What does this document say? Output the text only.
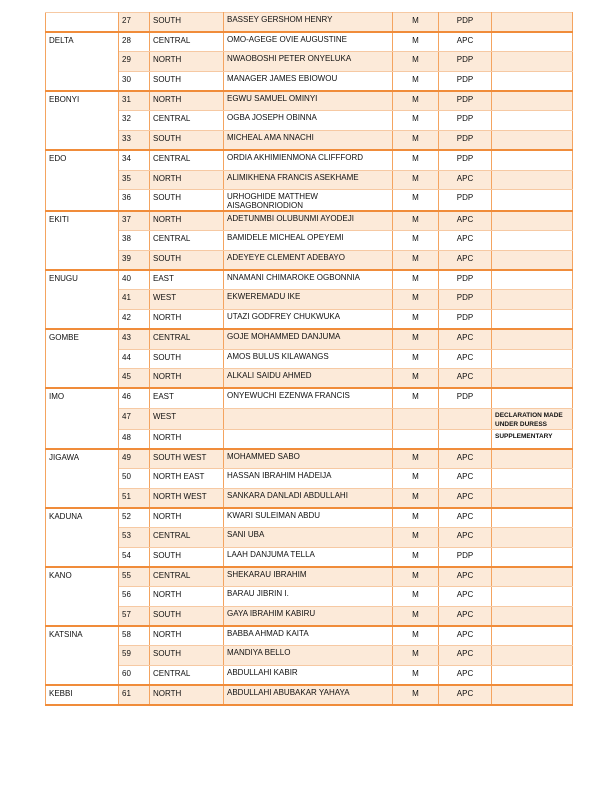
	27	SOUTH	BASSEY GERSHOM HENRY	M	PDP	
DELTA	28	CENTRAL	OMO-AGEGE OVIE AUGUSTINE	M	APC	
	29	NORTH	NWAOBOSHI PETER ONYELUKA	M	PDP	
	30	SOUTH	MANAGER JAMES EBIOWOU	M	PDP	
EBONYI	31	NORTH	EGWU SAMUEL OMINYI	M	PDP	
	32	CENTRAL	OGBA JOSEPH OBINNA	M	PDP	
	33	SOUTH	MICHEAL AMA NNACHI	M	PDP	
EDO	34	CENTRAL	ORDIA AKHIMIENMONA CLIFFFORD	M	PDP	
	35	NORTH	ALIMIKHENA FRANCIS ASEKHAME	M	APC	
	36	SOUTH	URHOGHIDE MATTHEW AISAGBONRIODION	M	PDP	
EKITI	37	NORTH	ADETUNMBI OLUBUNMI AYODEJI	M	APC	
	38	CENTRAL	BAMIDELE MICHEAL OPEYEMI	M	APC	
	39	SOUTH	ADEYEYE CLEMENT ADEBAYO	M	APC	
ENUGU	40	EAST	NNAMANI CHIMAROKE OGBONNIA	M	PDP	
	41	WEST	EKWEREMADU IKE	M	PDP	
	42	NORTH	UTAZI GODFREY CHUKWUKA	M	PDP	
GOMBE	43	CENTRAL	GOJE MOHAMMED DANJUMA	M	APC	
	44	SOUTH	AMOS BULUS KILAWANGS	M	APC	
	45	NORTH	ALKALI SAIDU AHMED	M	APC	
IMO	46	EAST	ONYEWUCHI EZENWA FRANCIS	M	PDP	
	47	WEST				DECLARATION MADE UNDER DURESS
	48	NORTH				SUPPLEMENTARY
JIGAWA	49	SOUTH WEST	MOHAMMED SABO	M	APC	
	50	NORTH EAST	HASSAN IBRAHIM HADEIJA	M	APC	
	51	NORTH WEST	SANKARA DANLADI ABDULLAHI	M	APC	
KADUNA	52	NORTH	KWARI SULEIMAN ABDU	M	APC	
	53	CENTRAL	SANI UBA	M	APC	
	54	SOUTH	LAAH DANJUMA TELLA	M	PDP	
KANO	55	CENTRAL	SHEKARAU IBRAHIM	M	APC	
	56	NORTH	BARAU JIBRIN I.	M	APC	
	57	SOUTH	GAYA IBRAHIM KABIRU	M	APC	
KATSINA	58	NORTH	BABBA AHMAD KAITA	M	APC	
	59	SOUTH	MANDIYA BELLO	M	APC	
	60	CENTRAL	ABDULLAHI KABIR	M	APC	
KEBBI	61	NORTH	ABDULLAHI ABUBAKAR YAHAYA	M	APC	
